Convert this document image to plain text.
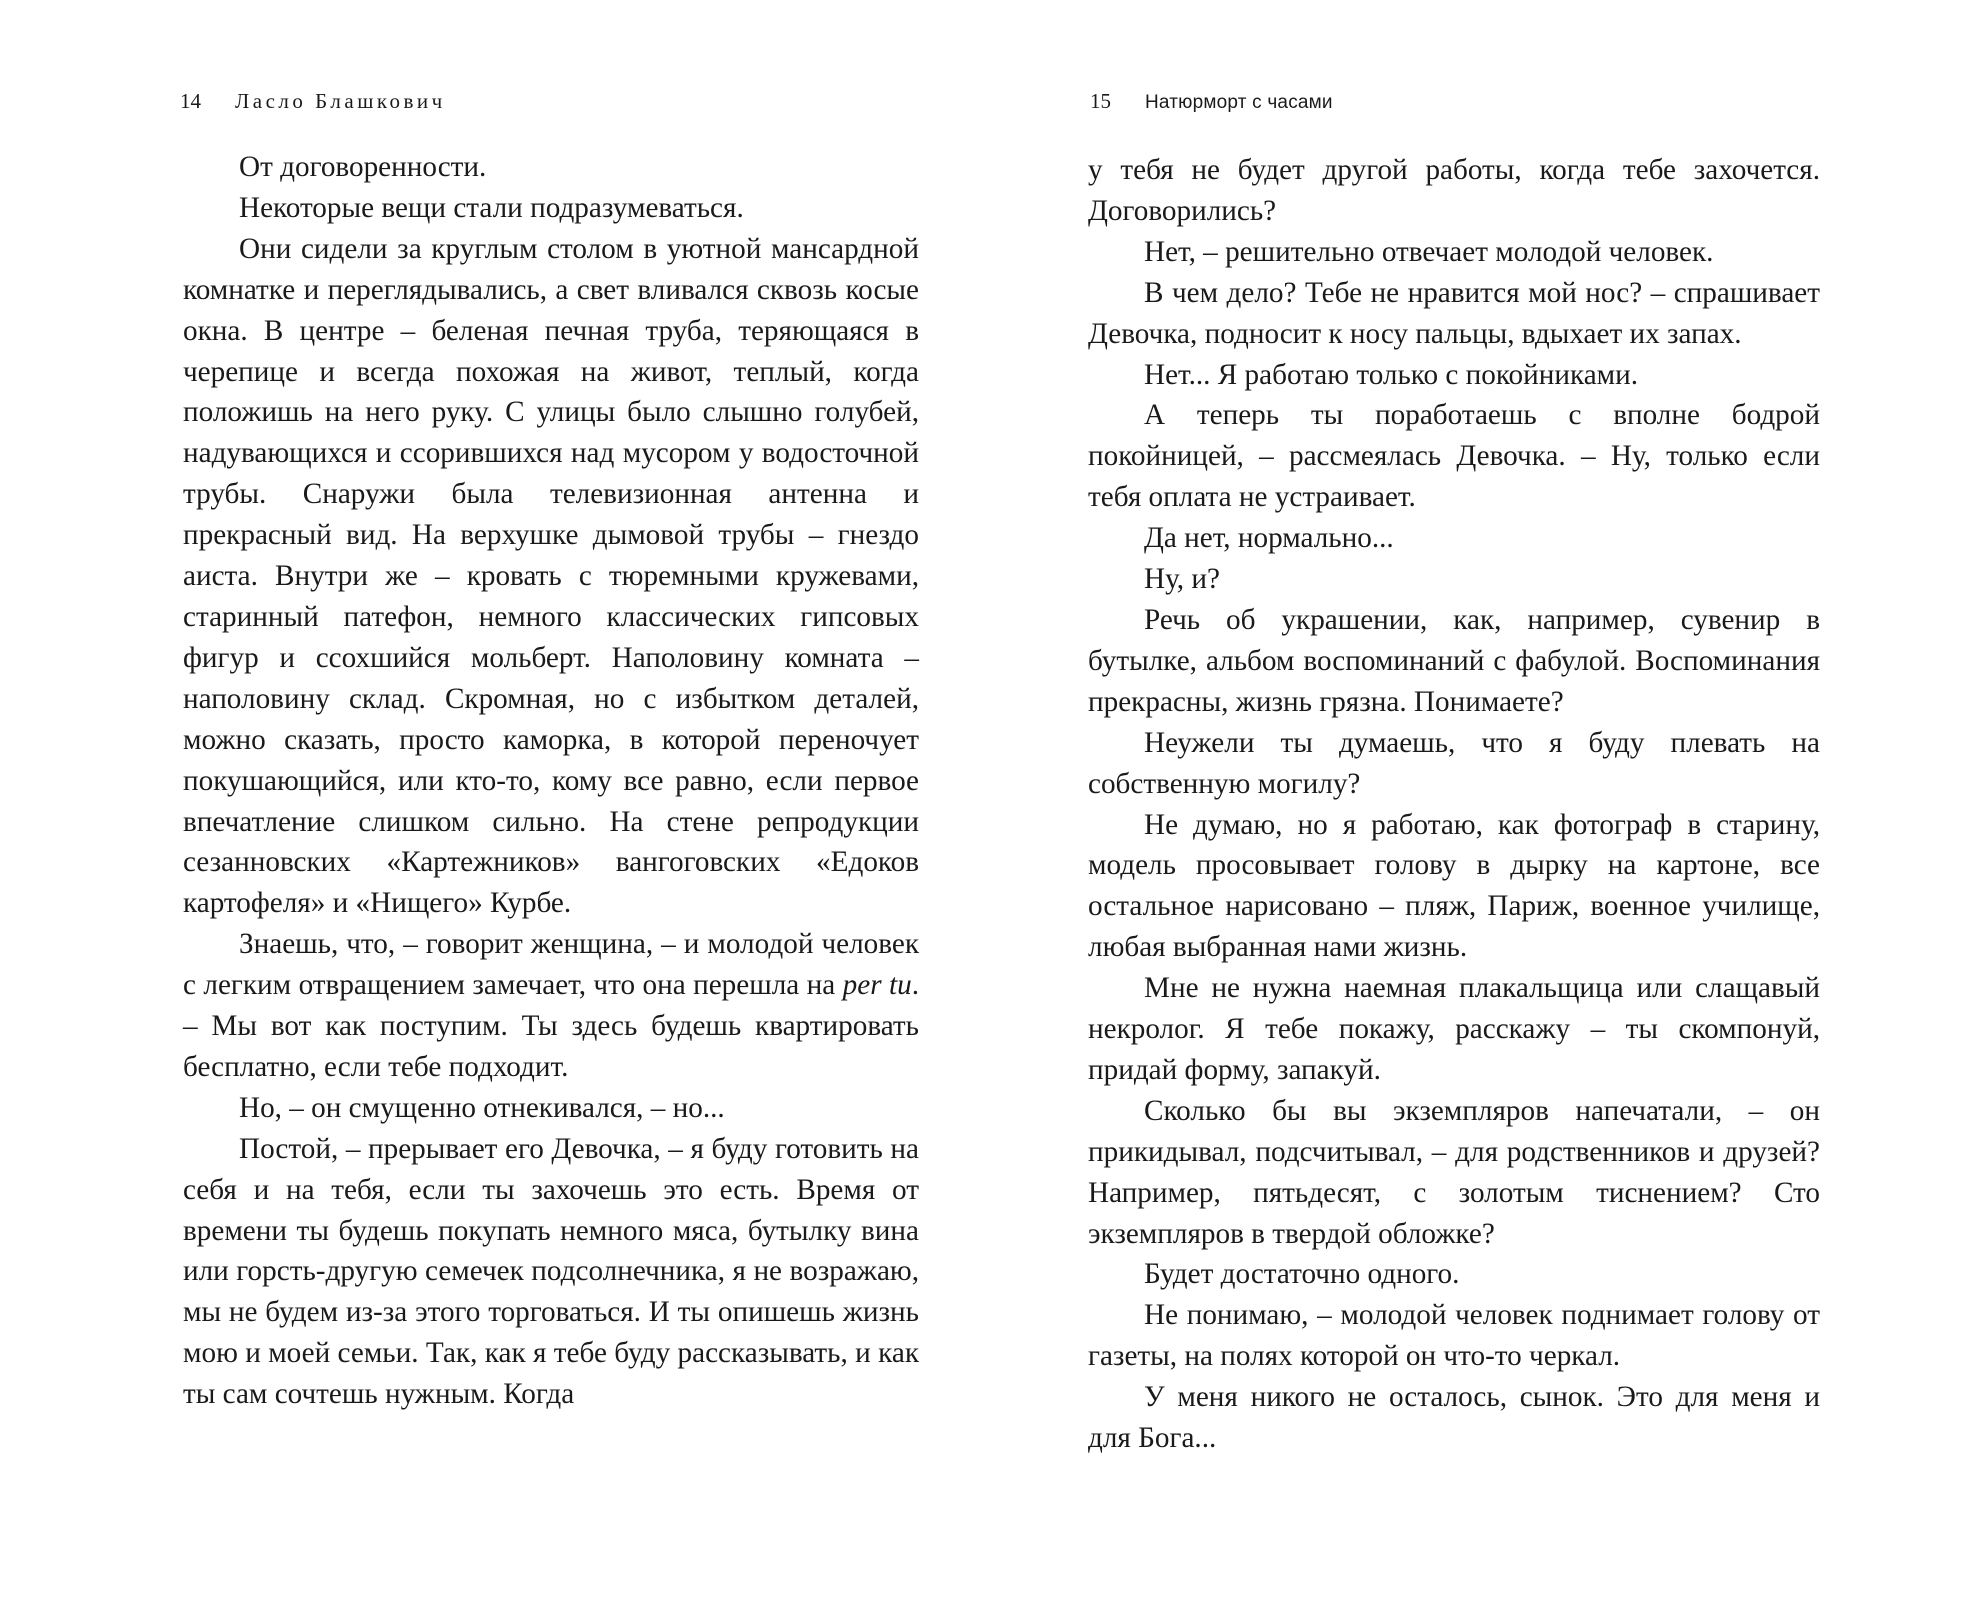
14 Ласло Блашкович

От договоренности.

Некоторые вещи стали подразумеваться.

Они сидели за круглым столом в уютной мансардной комнатке и переглядывались, а свет вливался сквозь косые окна. В центре – беленая печная труба, теряющаяся в черепице и всегда похожая на живот, теплый, когда положишь на него руку. С улицы было слышно голубей, надувающихся и ссорившихся над мусором у водосточной трубы. Снаружи была телевизионная антенна и прекрасный вид. На верхушке дымовой трубы – гнездо аиста. Внутри же – кровать с тюремными кружевами, старинный патефон, немного классических гипсовых фигур и ссохшийся мольберт. Наполовину комната – наполовину склад. Скромная, но с избытком деталей, можно сказать, просто каморка, в которой переночует покушающийся, или кто-то, кому все равно, если первое впечатление слишком сильно. На стене репродукции сезанновских «Картежников» вангоговских «Едоков картофеля» и «Нищего» Курбе.

Знаешь, что, – говорит женщина, – и молодой человек с легким отвращением замечает, что она перешла на per tu. – Мы вот как поступим. Ты здесь будешь квартировать бесплатно, если тебе подходит.

Но, – он смущенно отнекивался, – но...

Постой, – прерывает его Девочка, – я буду готовить на себя и на тебя, если ты захочешь это есть. Время от времени ты будешь покупать немного мяса, бутылку вина или горсть-другую семечек подсолнечника, я не возражаю, мы не будем из-за этого торговаться. И ты опишешь жизнь мою и моей семьи. Так, как я тебе буду рассказывать, и как ты сам сочтешь нужным. Когда

15 Натюрморт с часами

у тебя не будет другой работы, когда тебе захочется. Договорились?

Нет, – решительно отвечает молодой человек.

В чем дело? Тебе не нравится мой нос? – спрашивает Девочка, подносит к носу пальцы, вдыхает их запах.

Нет... Я работаю только с покойниками.

А теперь ты поработаешь с вполне бодрой покойницей, – рассмеялась Девочка. – Ну, только если тебя оплата не устраивает.

Да нет, нормально...

Ну, и?

Речь об украшении, как, например, сувенир в бутылке, альбом воспоминаний с фабулой. Воспоминания прекрасны, жизнь грязна. Понимаете?

Неужели ты думаешь, что я буду плевать на собственную могилу?

Не думаю, но я работаю, как фотограф в старину, модель просовывает голову в дырку на картоне, все остальное нарисовано – пляж, Париж, военное училище, любая выбранная нами жизнь.

Мне не нужна наемная плакальщица или слащавый некролог. Я тебе покажу, расскажу – ты скомпонуй, придай форму, запакуй.

Сколько бы вы экземпляров напечатали, – он прикидывал, подсчитывал, – для родственников и друзей? Например, пятьдесят, с золотым тиснением? Сто экземпляров в твердой обложке?

Будет достаточно одного.

Не понимаю, – молодой человек поднимает голову от газеты, на полях которой он что-то черкал.

У меня никого не осталось, сынок. Это для меня и для Бога...
